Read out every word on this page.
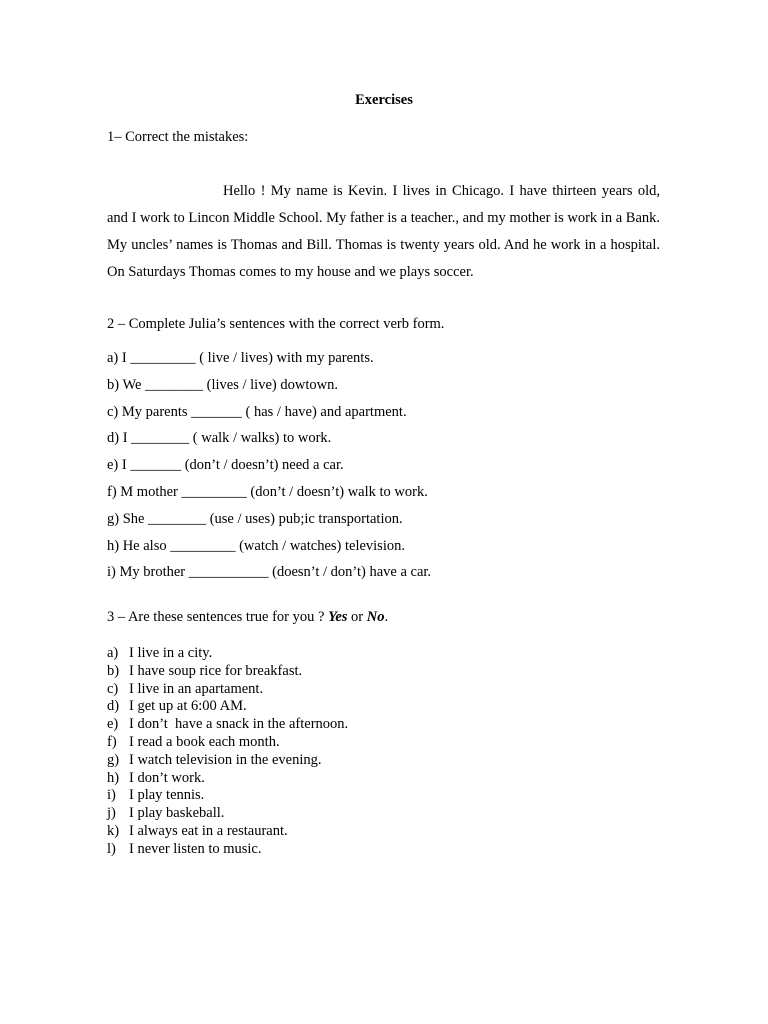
Exercises
1– Correct the mistakes:

Hello ! My name is Kevin. I lives in Chicago. I have thirteen years old, and I work to Lincon Middle School. My father is a teacher., and my mother is work in a Bank. My uncles’ names is Thomas and Bill. Thomas is twenty years old. And he work in a hospital. On Saturdays Thomas comes to my house and we plays soccer.

2 – Complete Julia’s sentences with the correct verb form.
a) I _________ ( live / lives) with my parents.
b) We ________ (lives / live) dowtown.
c) My parents _______ ( has / have) and apartment.
d) I ________ ( walk / walks) to work.
e) I _______ (don’t / doesn’t) need a car.
f) M mother _________ (don’t / doesn’t) walk to work.
g) She ________ (use / uses) pub;ic transportation.
h) He also _________ (watch / watches) television.
i) My brother ___________ (doesn’t / don’t) have a car.
3 – Are these sentences true for you ? Yes or No.
a) I live in a city.
b) I have soup rice for breakfast.
c) I live in an apartament.
d) I get up at 6:00 AM.
e) I don’t  have a snack in the afternoon.
f) I read a book each month.
g) I watch television in the evening.
h) I don’t work.
i) I play tennis.
j) I play baskeball.
k) I always eat in a restaurant.
l) I never listen to music.
